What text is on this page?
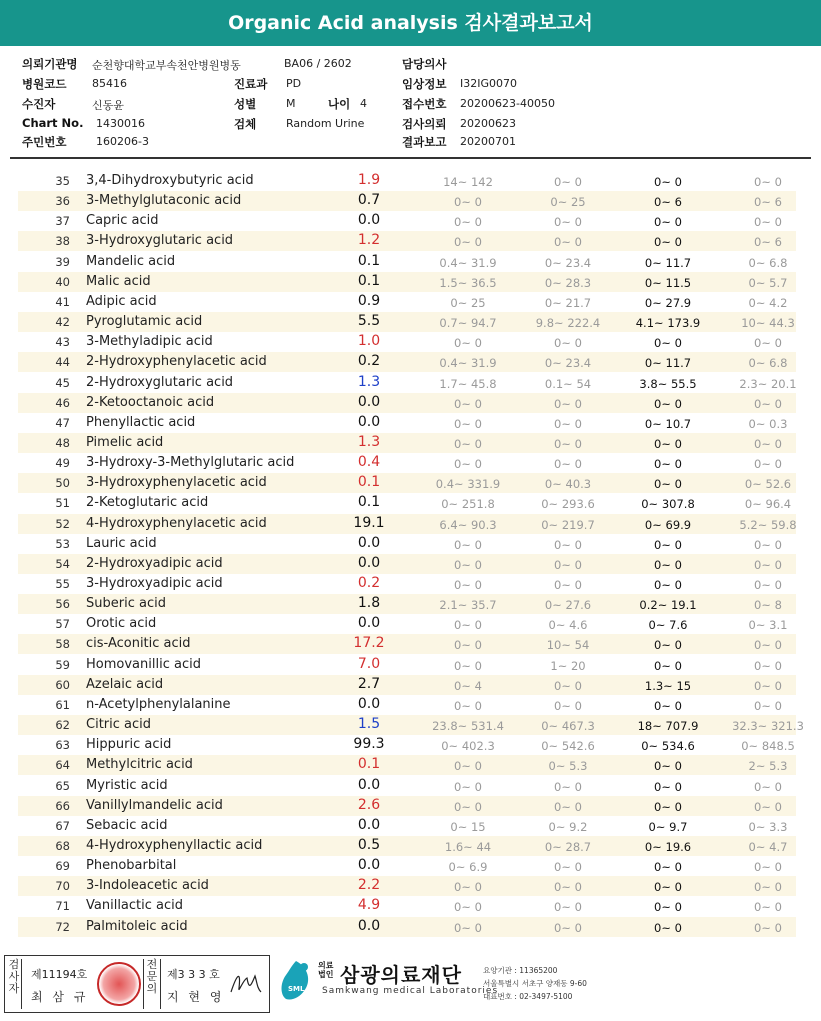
Organic Acid analysis 검사결과보고서
의뢰기관명 순천향대학교부속천안병원병동	BA06 / 2602	담당의사
병원코드 85416	진료과 PD	임상정보 I32IG0070
수진자	신동윤	성별	M	나이 4	접수번호 20200623-40050
Chart No. 1430016	검체	Random Urine	검사의뢰 20200623
주민번호	160206-3	결과보고 20200701
35 3,4-Dihydroxybutyric acid	1.9	14~ 142	0~ 0	0~ 0	0~ 0
36 3-Methylglutaconic acid	0.7	0~ 0	0~ 25	0~ 6	0~ 6
37 Capric acid	0.0	0~ 0	0~ 0	0~ 0	0~ 0
38 3-Hydroxyglutaric acid	1.2	0~ 0	0~ 0	0~ 0	0~ 6
39 Mandelic acid	0.1	0.4~ 31.9	0~ 23.4	0~ 11.7	0~ 6.8
40 Malic acid	0.1	1.5~ 36.5	0~ 28.3	0~ 11.5	0~ 5.7
41 Adipic acid	0.9	0~ 25	0~ 21.7	0~ 27.9	0~ 4.2
42 Pyroglutamic acid	5.5	0.7~ 94.7	9.8~ 222.4	4.1~ 173.9	10~ 44.3
43 3-Methyladipic acid	1.0	0~ 0	0~ 0	0~ 0	0~ 0
44 2-Hydroxyphenylacetic acid	0.2	0.4~ 31.9	0~ 23.4	0~ 11.7	0~ 6.8
45 2-Hydroxyglutaric acid	1.3	1.7~ 45.8	0.1~ 54	3.8~ 55.5	2.3~ 20.1
46 2-Ketooctanoic acid	0.0	0~ 0	0~ 0	0~ 0	0~ 0
47 Phenyllactic acid	0.0	0~ 0	0~ 0	0~ 10.7	0~ 0.3
48 Pimelic acid	1.3	0~ 0	0~ 0	0~ 0	0~ 0
49 3-Hydroxy-3-Methylglutaric acid	0.4	0~ 0	0~ 0	0~ 0	0~ 0
50 3-Hydroxyphenylacetic acid	0.1	0.4~ 331.9	0~ 40.3	0~ 0	0~ 52.6
51 2-Ketoglutaric acid	0.1	0~ 251.8	0~ 293.6	0~ 307.8	0~ 96.4
52 4-Hydroxyphenylacetic acid	19.1	6.4~ 90.3	0~ 219.7	0~ 69.9	5.2~ 59.8
53 Lauric acid	0.0	0~ 0	0~ 0	0~ 0	0~ 0
54 2-Hydroxyadipic acid	0.0	0~ 0	0~ 0	0~ 0	0~ 0
55 3-Hydroxyadipic acid	0.2	0~ 0	0~ 0	0~ 0	0~ 0
56 Suberic acid	1.8	2.1~ 35.7	0~ 27.6	0.2~ 19.1	0~ 8
57 Orotic acid	0.0	0~ 0	0~ 4.6	0~ 7.6	0~ 3.1
58 cis-Aconitic acid	17.2	0~ 0	10~ 54	0~ 0	0~ 0
59 Homovanillic acid	7.0	0~ 0	1~ 20	0~ 0	0~ 0
60 Azelaic acid	2.7	0~ 4	0~ 0	1.3~ 15	0~ 0
61 n-Acetylphenylalanine	0.0	0~ 0	0~ 0	0~ 0	0~ 0
62 Citric acid	1.5	23.8~ 531.4	0~ 467.3	18~ 707.9	32.3~ 321.3
63 Hippuric acid	99.3	0~ 402.3	0~ 542.6	0~ 534.6	0~ 848.5
64 Methylcitric acid	0.1	0~ 0	0~ 5.3	0~ 0	2~ 5.3
65 Myristic acid	0.0	0~ 0	0~ 0	0~ 0	0~ 0
66 Vanillylmandelic acid	2.6	0~ 0	0~ 0	0~ 0	0~ 0
67 Sebacic acid	0.0	0~ 15	0~ 9.2	0~ 9.7	0~ 3.3
68 4-Hydroxyphenyllactic acid	0.5	1.6~ 44	0~ 28.7	0~ 19.6	0~ 4.7
69 Phenobarbital	0.0	0~ 6.9	0~ 0	0~ 0	0~ 0
70 3-Indoleacetic acid	2.2	0~ 0	0~ 0	0~ 0	0~ 0
71 Vanillactic acid	4.9	0~ 0	0~ 0	0~ 0	0~ 0
72 Palmitoleic acid	0.0	0~ 0	0~ 0	0~ 0	0~ 0
검사자
제11194호
최 삼 규
전문의
제3 3 3 호
지 현 영
SML
의료
법인 삼광의료재단
Samkwang medical Laboratories
요양기관 : 11365200
서울특별시 서초구 양재동 9-60
대표번호 : 02-3497-5100
